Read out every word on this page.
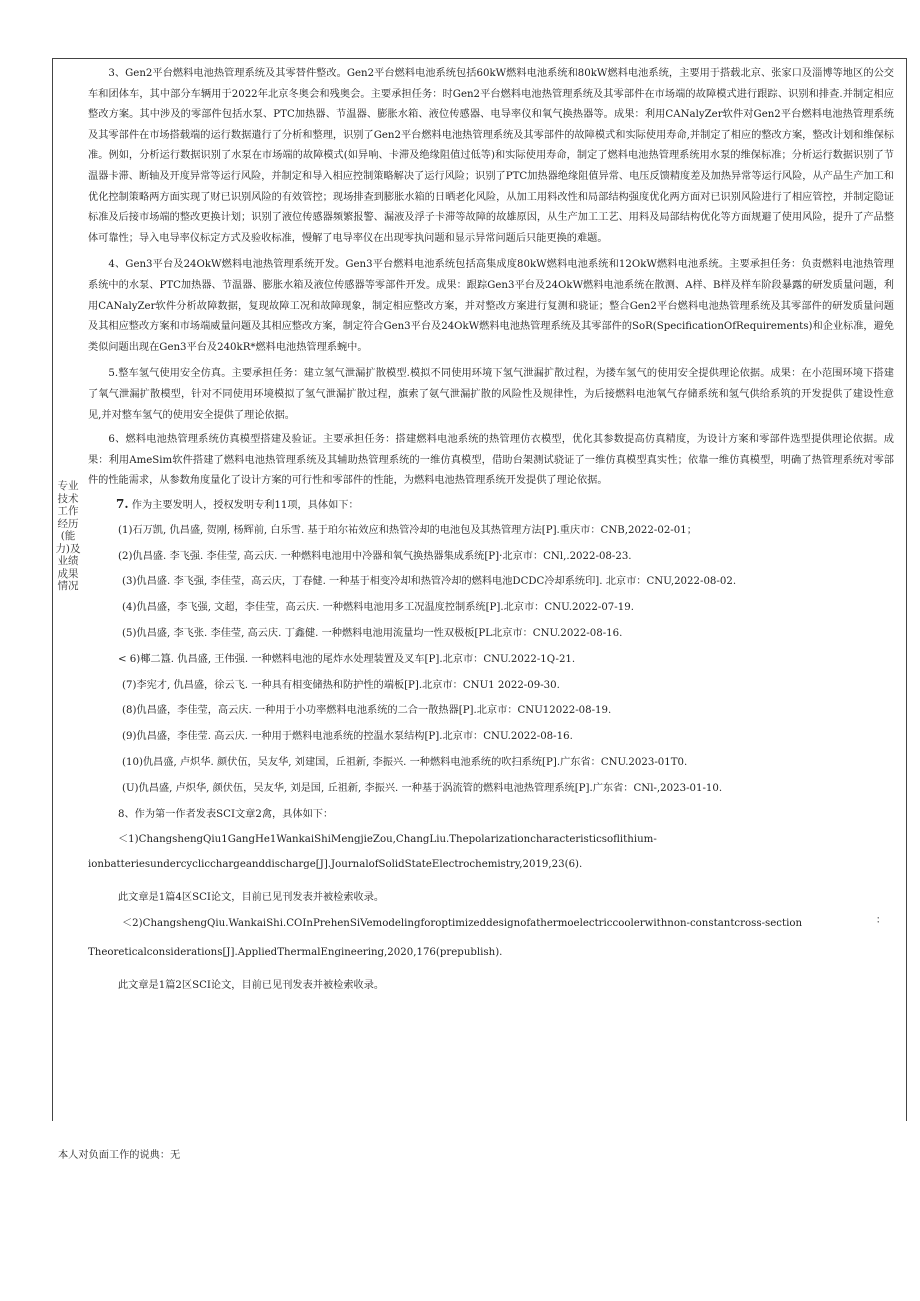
专业技术工作经历(能力)及业绩成果情况

3、Gen2平台燃料电池热管理系统及其零替件整改。Gen2平台燃料电池系统包括60kW燃料电池系统和80kW燃料电池系统，主要用于搭载北京、张家口及淄博等地区的公交车和团体车，其中部分车辆用于2022年北京冬奥会和残奥会。主要承担任务：时Gen2平台燃料电池热管理系统及其零部件在市场端的故障模式进行跟踪、识别和排查.并制定相应整改方案。其中涉及的零部件包括水泵、PTC加热器、节温器、膨胀水箱、液位传感器、电导率仪和氧气换热器等。成果：利用CANalyZer软件对Gen2平台燃料电池热管理系统及其零部件在市场搭载端的运行数据遣行了分析和整理，识别了Gen2平台燃料电池热管理系统及其零部件的故障模式和实际使用寿命,并制定了相应的整改方案，整改计划和维保标准。例如，分析运行数据识别了水泵在市场端的故障模式(如异响、卡滞及绝缘阻值过低等)和实际使用寿命，制定了燃料电池热管理系统用水泵的维保标准；分析运行数据识别了节温器卡滞、断轴及开度异常等运行风险，并制定和导入相应控制策略解决了运行风险；识别了PTC加热器绝缘阻值异常、电压反馈精度差及加热异常等运行风险，从产品生产加工和优化控制策略两方面实现了财已识别风险的有效管控；现场排查到膨胀水箱的日晒老化风险，从加工用料改性和局部结构强度优化两方面对已识别风险进行了相应管控，并制定隐证标准及后接市场端的整改更换计划；识别了液位传感器频繁报警、漏液及浮子卡滞等故障的故雄原因，从生产加工工艺、用料及局部结构优化等方面规避了使用风险，提升了产品整体可靠性；导入电导率仪标定方式及验收标准，慢解了电导率仪在出现零执问题和显示异常问题后只能更换的难题。

4、Gen3平台及24OkW燃料电池热管理系统开发。Gen3平台燃料电池系统包括高集成度80kW燃料电池系统和12OkW燃料电池系统。主要承担任务：负责燃料电池热管理系统中的水泵、PTC加热器、节温器、膨胀水箱及液位传感器等零部件开发。成果：跟踪Gen3平台及24OkW燃料电池系统在散测、A样、B样及样车阶段暴露的研发质量问题，利用CANalyZer软件分析故障数据，复现故障工况和故障现象，制定相应整改方案，并对整改方案进行复测和骁证；整合Gen2平台燃料电池热管理系统及其零部件的研发质量问题及其相应整改方案和市场端威量问题及其相应整改方案，制定符合Gen3平台及24OkW燃料电池热管理系统及其零部件的SoR(SpecificationOfRequirements)和企业标准，避免类似问题出现在Gen3平台及240kR*燃料电池热管理系蜿中。

5.整车氢气使用安全仿真。主要承担任务：建立氢气泄漏扩散模型.模拟不同使用环境下氢气泄漏扩散过程，为搂车氢气的使用安全提供理论依据。成果：在小范围环境下搭建了氧气泄漏扩散模型，针对不同使用环境模拟了氢气泄漏扩散过程，旗索了氨气泄漏扩散的风险性及规律性，为后接燃料电池氧气存储系统和氢气供给系筑的开发提供了建设性意见,并对整车氢气的使用安全提供了理论依据。

6、燃料电池热管理系统仿真模型搭建及验证。主要承担任务：搭建燃料电池系统的热管理仿衣模型，优化其参数提高仿真精度，为设计方案和零部件选型提供理论依据。成果：利用AmeSim软件搭建了燃料电池热管理系统及其辅助热管理系统的一维仿真模型，借助台架测试骁证了一维仿真模型真实性；依靠一维仿真模型，明确了热管理系统对零部件的性能需求，从参数角度量化了设计方案的可行性和零部件的性能，为燃料电池热管理系统开发提供了理论依据。

7. 作为主要发明人，授权发明专利11项，具体如下：

(1)石万凯, 仇昌盛, 贺刚, 杨辉前, 白乐雪. 基于珀尔祐效应和热管冷却的电池包及其热管理方法[P].重庆市：CNB,2022-02-01；
(2)仇昌盛. 李飞强. 李佳莹, 高云庆. 一种燃料电池用中冷器和氧气换热器集成系统[P]·北京市：CNl,.2022-08-23.
(3)仇昌盛. 李飞强, 李佳莹，高云庆，丁春健. 一种基于相变冷却和热管冷却的燃料电池DCDC冷却系统印]. 北京市：CNU,2022-08-02.
(4)仇昌盛，李飞强, 文超，李佳莹，高云庆. 一种燃料电池用多工况温度控制系统[P].北京市：CNU.2022-07-19.
(5)仇昌盛, 李飞张. 李佳莹, 高云庆. 丁鑫健. 一种燃料电池用流量均一性双极板[PL北京市：CNU.2022-08-16.
< 6)椰二簋. 仇昌盛, 王伟强. 一种燃料电池的尾炸水处理装置及叉车[P].北京市：CNU.2022-1Q-21.
(7)李宪才, 仇昌盛，徐云飞. 一种具有相变储热和防护性的端板[P].北京市：CNU1 2022-09-30.
(8)仇昌盛，李佳莹，高云庆. 一种用于小功率燃料电池系统的二合一散热器[P].北京市：CNU12022-08-19.
(9)仇昌盛，李佳莹. 高云庆. 一种用于燃料电池系统的控温水泵结构[P].北京市：CNU.2022-08-16.
(10)仇昌盛, 卢炽华. 颜伏伍，吴友华, 刘建国，丘祖新, 李振兴. 一种燃料电池系统的吹扫系统[P].广东省：CNU.2023-01T0.
(U)仇昌盛, 卢炽华, 颜伏伍，吴友华, 刘是国, 丘祖新, 李振兴. 一种基于涡流管的燃料电池热管理系统[P].广东省：CNl-,2023-01-10.

8、作为第一作者发表SCI文章2禽，具体如下：

＜1)ChangshengQiu1GangHe1WankaiShiMengjieZou,ChangLiu.Thepolarizationcharacteristicsoflithium-

ionbatteriesundercyclicchargeanddischarge[J].JournalofSolidStateElectrochemistry,2019,23(6).

此文章是1篇4区SCI论文，目前已见刊发表并被检索收录。

＜2)ChangshengQiu.WankaiShi.COInPrehenSiVemodelingforoptimizeddesignofathermoelectriccoolerwithnon-constantcross-section	：

Theoreticalconsiderations[J].AppliedThermalEngineering,2020,176(prepublish).

此文章是1篇2区SCI论文，目前已见刊发表并被检索收录。

本人对负面工作的说典：无
